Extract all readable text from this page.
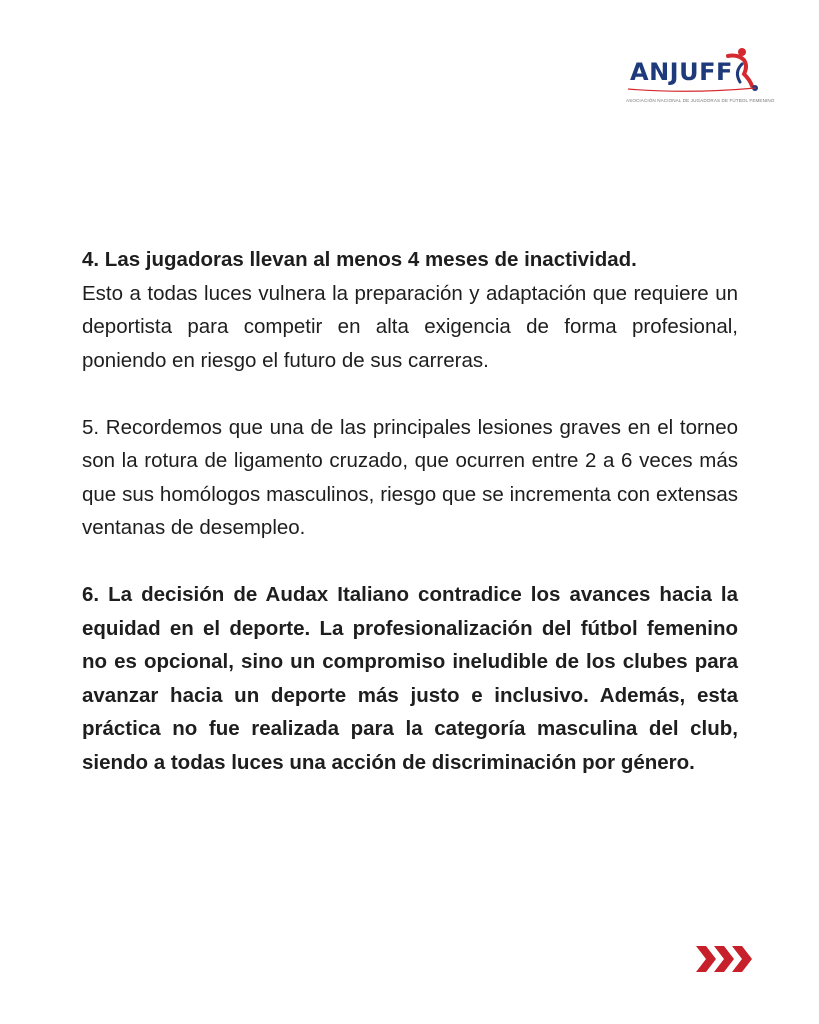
ANJUFF
ASOCIACIÓN NACIONAL DE JUGADORAS DE FÚTBOL FEMENINO

4. Las jugadoras llevan al menos 4 meses de inactividad.
Esto a todas luces vulnera la preparación y adaptación que requiere un deportista para competir en alta exigencia de forma profesional, poniendo en riesgo el futuro de sus carreras.

5. Recordemos que una de las principales lesiones graves en el torneo son la rotura de ligamento cruzado, que ocurren entre 2 a 6 veces más que sus homólogos masculinos, riesgo que se incrementa con extensas ventanas de desempleo.

6. La decisión de Audax Italiano contradice los avances hacia la equidad en el deporte. La profesionalización del fútbol femenino no es opcional, sino un compromiso ineludible de los clubes para avanzar hacia un deporte más justo e inclusivo. Además, esta práctica no fue realizada para la categoría masculina del club, siendo a todas luces una acción de discriminación por género.
